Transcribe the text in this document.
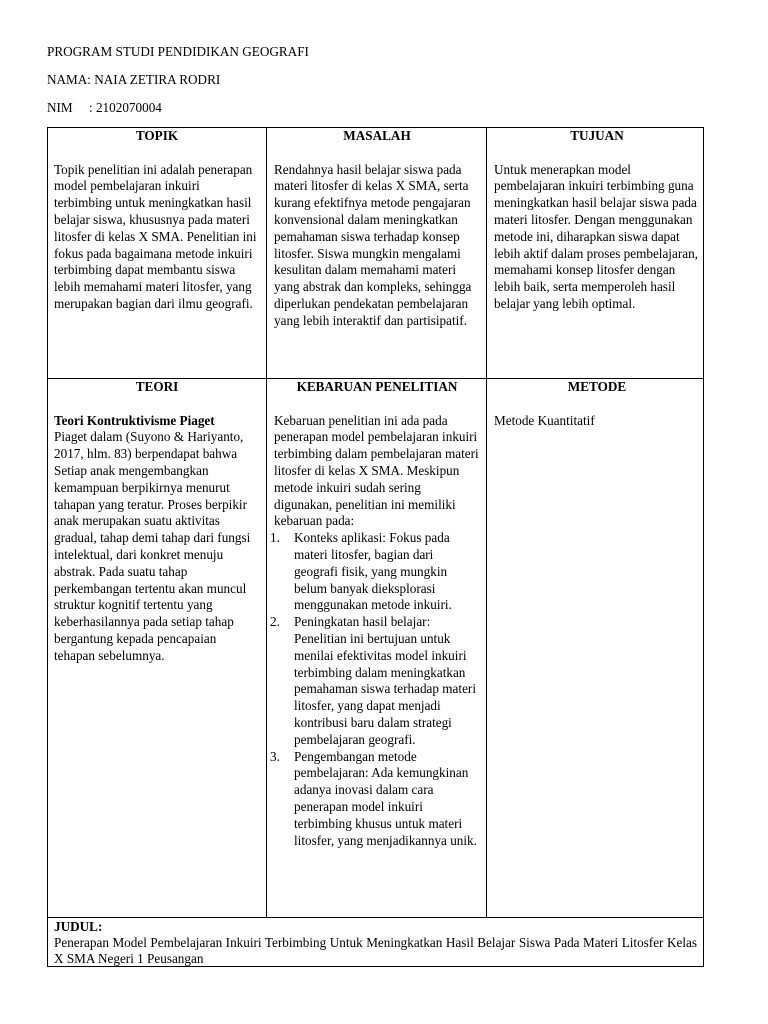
PROGRAM STUDI PENDIDIKAN GEOGRAFI

NAMA: NAIA ZETIRA RODRI

NIM : 2102070004

TOPIK

Topik penelitian ini adalah penerapan model pembelajaran inkuiri terbimbing untuk meningkatkan hasil belajar siswa, khususnya pada materi litosfer di kelas X SMA. Penelitian ini fokus pada bagaimana metode inkuiri terbimbing dapat membantu siswa lebih memahami materi litosfer, yang merupakan bagian dari ilmu geografi.

MASALAH

Rendahnya hasil belajar siswa pada materi litosfer di kelas X SMA, serta kurang efektifnya metode pengajaran konvensional dalam meningkatkan pemahaman siswa terhadap konsep litosfer. Siswa mungkin mengalami kesulitan dalam memahami materi yang abstrak dan kompleks, sehingga diperlukan pendekatan pembelajaran yang lebih interaktif dan partisipatif.

TUJUAN

Untuk menerapkan model pembelajaran inkuiri terbimbing guna meningkatkan hasil belajar siswa pada materi litosfer. Dengan menggunakan metode ini, diharapkan siswa dapat lebih aktif dalam proses pembelajaran, memahami konsep litosfer dengan lebih baik, serta memperoleh hasil belajar yang lebih optimal.

TEORI

Teori Kontruktivisme Piaget

Piaget dalam (Suyono & Hariyanto, 2017, hlm. 83) berpendapat bahwa Setiap anak mengembangkan kemampuan berpikirnya menurut tahapan yang teratur. Proses berpikir anak merupakan suatu aktivitas gradual, tahap demi tahap dari fungsi intelektual, dari konkret menuju abstrak. Pada suatu tahap perkembangan tertentu akan muncul struktur kognitif tertentu yang keberhasilannya pada setiap tahap bergantung kepada pencapaian tehapan sebelumnya.

KEBARUAN PENELITIAN

Kebaruan penelitian ini ada pada penerapan model pembelajaran inkuiri terbimbing dalam pembelajaran materi litosfer di kelas X SMA. Meskipun metode inkuiri sudah sering digunakan, penelitian ini memiliki kebaruan pada:

1. Konteks aplikasi: Fokus pada materi litosfer, bagian dari geografi fisik, yang mungkin belum banyak dieksplorasi menggunakan metode inkuiri.
2. Peningkatan hasil belajar: Penelitian ini bertujuan untuk menilai efektivitas model inkuiri terbimbing dalam meningkatkan pemahaman siswa terhadap materi litosfer, yang dapat menjadi kontribusi baru dalam strategi pembelajaran geografi.
3. Pengembangan metode pembelajaran: Ada kemungkinan adanya inovasi dalam cara penerapan model inkuiri terbimbing khusus untuk materi litosfer, yang menjadikannya unik.

METODE

Metode Kuantitatif

JUDUL:

Penerapan Model Pembelajaran Inkuiri Terbimbing Untuk Meningkatkan Hasil Belajar Siswa Pada Materi Litosfer Kelas X SMA Negeri 1 Peusangan
